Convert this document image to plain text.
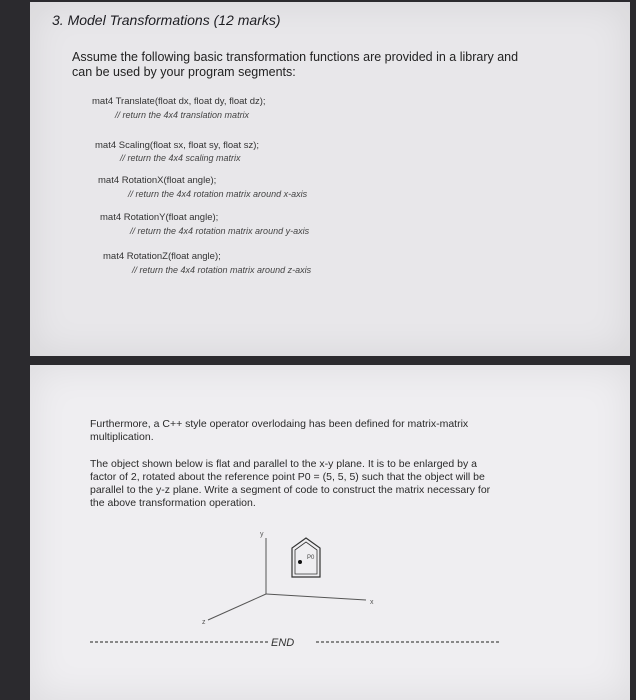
3. Model Transformations (12 marks)
Assume the following basic transformation functions are provided in a library and can be used by your program segments:
mat4 Translate(float dx, float dy, float dz);
// return the 4x4 translation matrix
mat4 Scaling(float sx, float sy, float sz);
// return the 4x4 scaling matrix
mat4 RotationX(float angle);
// return the 4x4 rotation matrix around x-axis
mat4 RotationY(float angle);
// return the 4x4 rotation matrix around y-axis
mat4 RotationZ(float angle);
// return the 4x4 rotation matrix around z-axis
Furthermore, a C++ style operator overlodaing has been defined for matrix-matrix multiplication.
The object shown below is flat and parallel to the x-y plane. It is to be enlarged by a factor of 2, rotated about the reference point P0 = (5, 5, 5) such that the object will be parallel to the y-z plane. Write a segment of code to construct the matrix necessary for the above transformation operation.
y
x
z
P0
END
